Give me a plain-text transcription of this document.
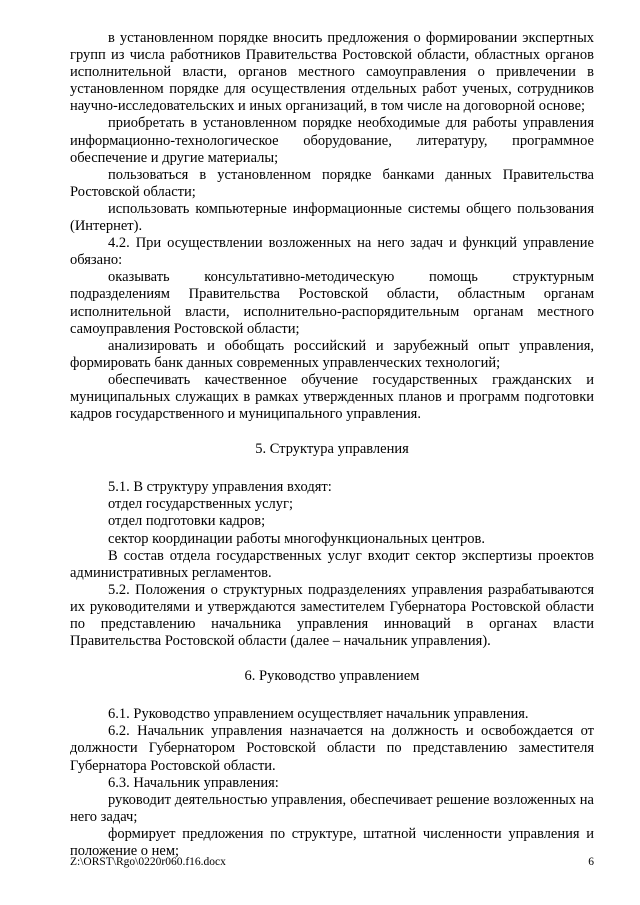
в установленном порядке вносить предложения о формировании экспертных групп из числа работников Правительства Ростовской области, областных органов исполнительной власти, органов местного самоуправления о привлечении в установленном порядке для осуществления отдельных работ ученых, сотрудников научно-исследовательских и иных организаций, в том числе на договорной основе;

приобретать в установленном порядке необходимые для работы управления информационно-технологическое оборудование, литературу, программное обеспечение и другие материалы;

пользоваться в установленном порядке банками данных Правительства Ростовской области;

использовать компьютерные информационные системы общего пользования (Интернет).

4.2. При осуществлении возложенных на него задач и функций управление обязано:

оказывать консультативно-методическую помощь структурным подразделениям Правительства Ростовской области, областным органам исполнительной власти, исполнительно-распорядительным органам местного самоуправления Ростовской области;

анализировать и обобщать российский и зарубежный опыт управления, формировать банк данных современных управленческих технологий;

обеспечивать качественное обучение государственных гражданских и муниципальных служащих в рамках утвержденных планов и программ подготовки кадров государственного и муниципального управления.

5. Структура управления

5.1. В структуру управления входят:

отдел государственных услуг;

отдел подготовки кадров;

сектор координации работы многофункциональных центров.

В состав отдела государственных услуг входит сектор экспертизы проектов административных регламентов.

5.2. Положения о структурных подразделениях управления разрабатываются их руководителями и утверждаются заместителем Губернатора Ростовской области по представлению начальника управления инноваций в органах власти Правительства Ростовской области (далее – начальник управления).

6. Руководство управлением

6.1. Руководство управлением осуществляет начальник управления.

6.2. Начальник управления назначается на должность и освобождается от должности Губернатором Ростовской области по представлению заместителя Губернатора Ростовской области.

6.3. Начальник управления:

руководит деятельностью управления, обеспечивает решение возложенных на него задач;

формирует предложения по структуре, штатной численности управления и положение о нем;

Z:\ORST\Rgo\0220r060.f16.docx	6
